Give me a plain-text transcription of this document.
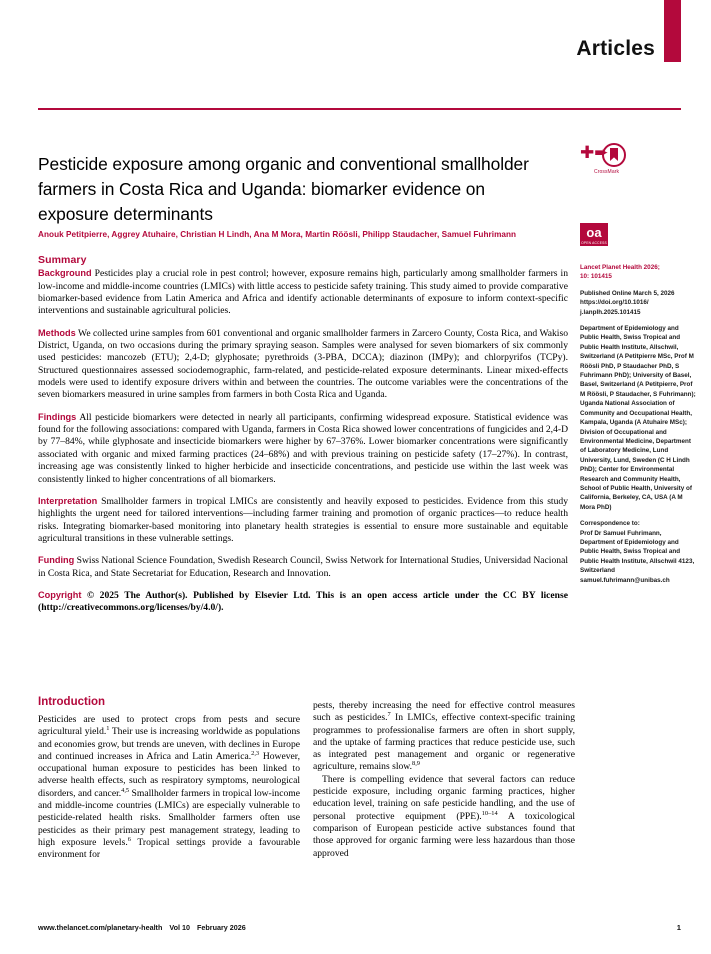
Articles
Pesticide exposure among organic and conventional smallholder farmers in Costa Rica and Uganda: biomarker evidence on exposure determinants
Anouk Petitpierre, Aggrey Atuhaire, Christian H Lindh, Ana M Mora, Martin Röösli, Philipp Staudacher, Samuel Fuhrimann
✚➨
CrossMark
oa
OPEN ACCESS
Summary

Background Pesticides play a crucial role in pest control; however, exposure remains high, particularly among smallholder farmers in low-income and middle-income countries (LMICs) with little access to pesticide safety training. This study aimed to provide comparative biomarker-based evidence from Latin America and Africa and identify actionable determinants of exposure to inform context-specific interventions and sustainable agricultural policies.

Methods We collected urine samples from 601 conventional and organic smallholder farmers in Zarcero County, Costa Rica, and Wakiso District, Uganda, on two occasions during the primary spraying season. Samples were analysed for seven biomarkers of six commonly used pesticides: mancozeb (ETU); 2,4-D; glyphosate; pyrethroids (3-PBA, DCCA); diazinon (IMPy); and chlorpyrifos (TCPy). Structured questionnaires assessed sociodemographic, farm-related, and pesticide-related exposure determinants. Linear mixed-effects models were used to identify exposure drivers within and between the countries. The outcome variables were the concentrations of the seven biomarkers measured in urine samples from farmers in both Costa Rica and Uganda.

Findings All pesticide biomarkers were detected in nearly all participants, confirming widespread exposure. Statistical evidence was found for the following associations: compared with Uganda, farmers in Costa Rica showed lower concentrations of fungicides and 2,4-D by 77–84%, while glyphosate and insecticide biomarkers were higher by 67–376%. Lower biomarker concentrations were significantly associated with organic and mixed farming practices (24–68%) and with previous training on pesticide safety (17–27%). In contrast, increasing age was consistently linked to higher herbicide and insecticide concentrations, and pesticide use within the last week was consistently linked to higher concentrations of all biomarkers.

Interpretation Smallholder farmers in tropical LMICs are consistently and heavily exposed to pesticides. Evidence from this study highlights the urgent need for tailored interventions—including farmer training and promotion of organic practices—to reduce health risks. Integrating biomarker-based monitoring into planetary health strategies is essential to ensure more sustainable and equitable agricultural transitions in these vulnerable settings.

Funding Swiss National Science Foundation, Swedish Research Council, Swiss Network for International Studies, Universidad Nacional in Costa Rica, and State Secretariat for Education, Research and Innovation.

Copyright © 2025 The Author(s). Published by Elsevier Ltd. This is an open access article under the CC BY license (http://creativecommons.org/licenses/by/4.0/).

Introduction

Pesticides are used to protect crops from pests and secure agricultural yield.$^1$ Their use is increasing worldwide as populations and economies grow, but trends are uneven, with declines in Europe and continued increases in Africa and Latin America.$^{2,3}$ However, occupational human exposure to pesticides has been linked to adverse health effects, such as respiratory symptoms, neurological disorders, and cancer.$^{4,5}$ Smallholder farmers in tropical low-income and middle-income countries (LMICs) are especially vulnerable to pesticide-related health risks. Smallholder farmers often use pesticides as their primary pest management strategy, leading to high exposure levels.$^6$ Tropical settings provide a favourable environment for

pests, thereby increasing the need for effective control measures such as pesticides.$^7$ In LMICs, effective context-specific training programmes to professionalise farmers are often in short supply, and the uptake of farming practices that reduce pesticide use, such as integrated pest management and organic or regenerative agriculture, remains slow.$^{8,9}$

There is compelling evidence that several factors can reduce pesticide exposure, including organic farming practices, higher education level, training on safe pesticide handling, and the use of personal protective equipment (PPE).$^{10-14}$ A toxicological comparison of European pesticide active substances found that those approved for organic farming were less hazardous than those approved

Lancet Planet Health 2026;
10: 101415
Published Online March 5, 2026
https://doi.org/10.1016/
j.lanplh.2025.101415
Department of Epidemiology and Public Health, Swiss Tropical and Public Health Institute, Allschwil, Switzerland (A Petitpierre MSc, Prof M Röösli PhD, P Staudacher PhD, S Fuhrimann PhD); University of Basel, Basel, Switzerland (A Petitpierre, Prof M Röösli, P Staudacher, S Fuhrimann); Uganda National Association of Community and Occupational Health, Kampala, Uganda (A Atuhaire MSc); Division of Occupational and Environmental Medicine, Department of Laboratory Medicine, Lund University, Lund, Sweden (C H Lindh PhD); Center for Environmental Research and Community Health, School of Public Health, University of California, Berkeley, CA, USA (A M Mora PhD)
Correspondence to:
Prof Dr Samuel Fuhrimann, Department of Epidemiology and Public Health, Swiss Tropical and Public Health Institute, Allschwil 4123, Switzerland
samuel.fuhrimann@unibas.ch
www.thelancet.com/planetary-health Vol 10 February 2026	1
